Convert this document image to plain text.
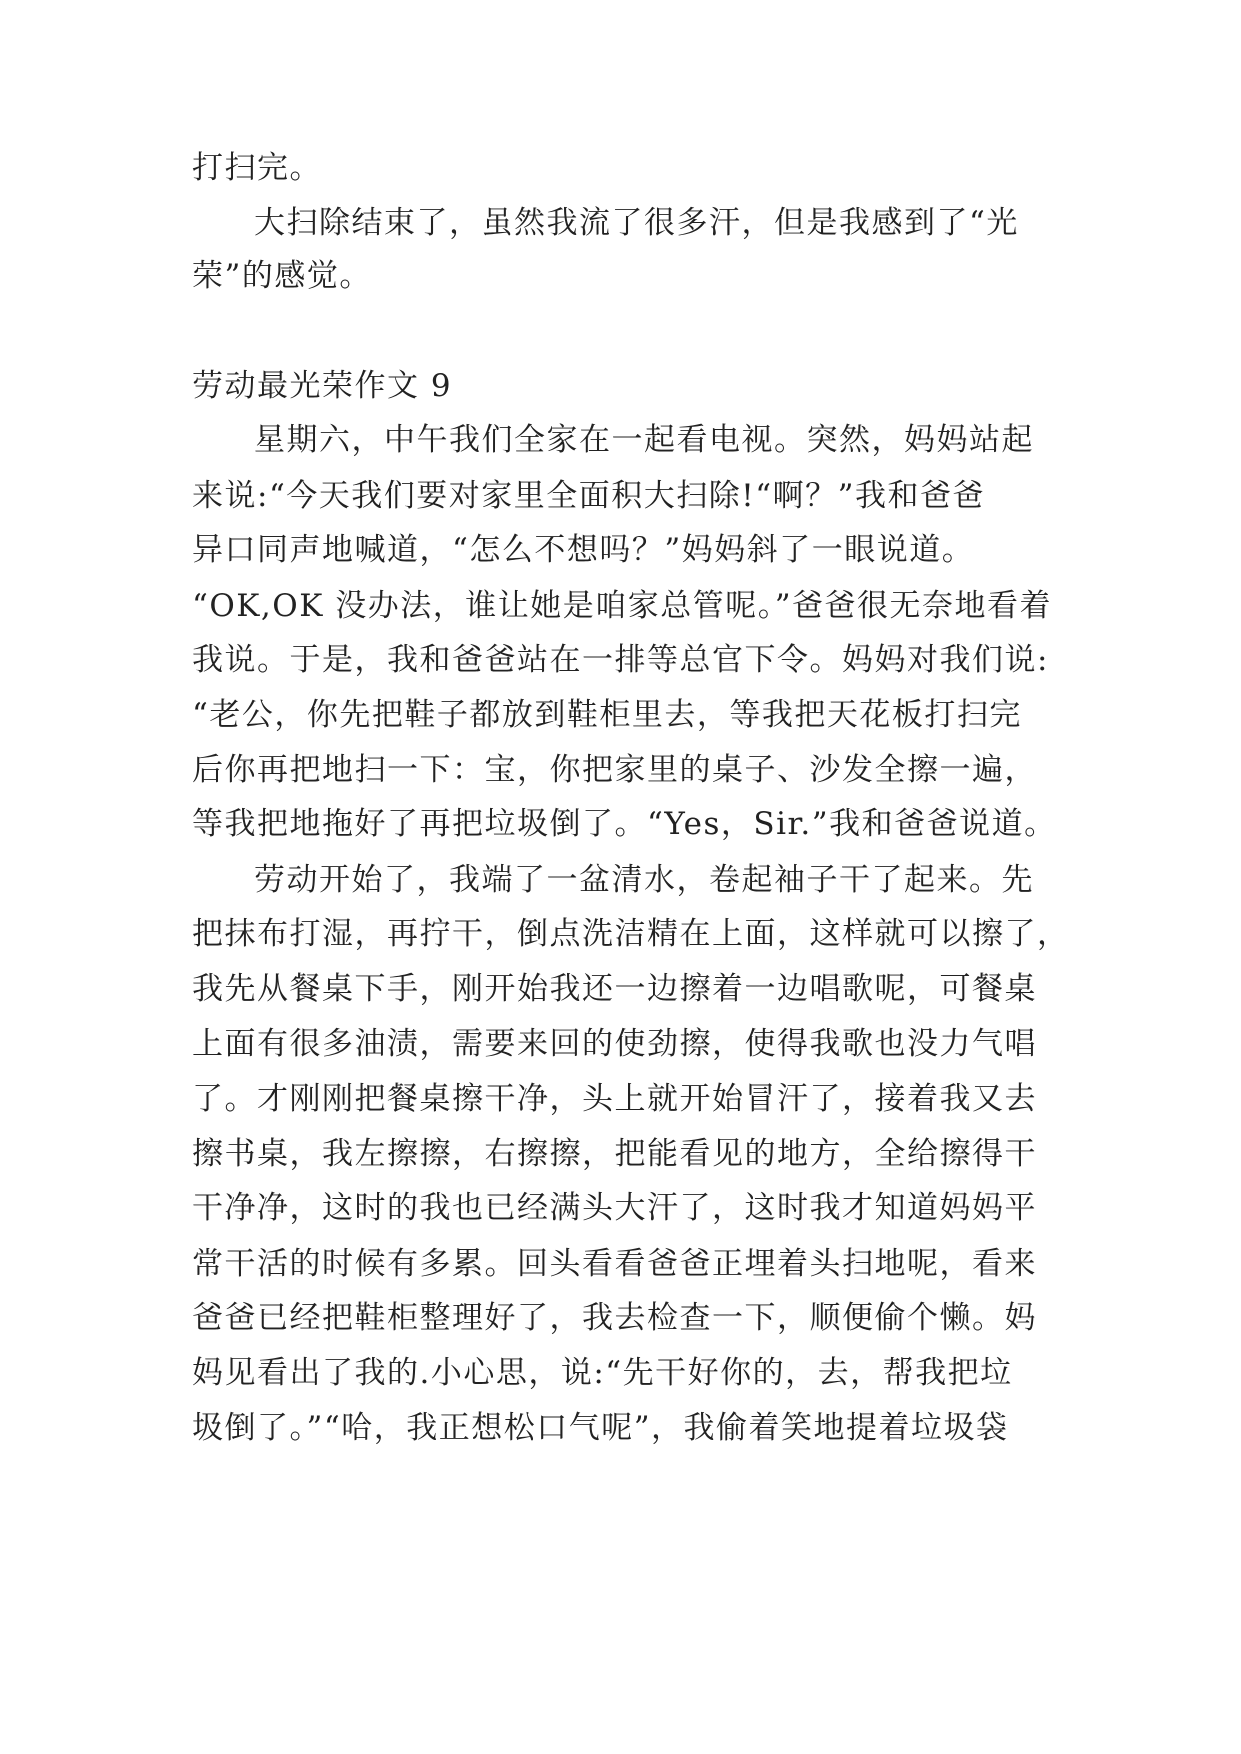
打扫完。
大扫除结束了，虽然我流了很多汗，但是我感到了“光
荣”的感觉。
劳动最光荣作文 9
星期六，中午我们全家在一起看电视。突然，妈妈站起
来说:“今天我们要对家里全面积大扫除!“啊？”我和爸爸
异口同声地喊道，“怎么不想吗？”妈妈斜了一眼说道。
“OK,OK 没办法，谁让她是咱家总管呢。”爸爸很无奈地看着
我说。于是，我和爸爸站在一排等总官下令。妈妈对我们说:
“老公，你先把鞋子都放到鞋柜里去，等我把天花板打扫完
后你再把地扫一下：宝，你把家里的桌子、沙发全擦一遍，
等我把地拖好了再把垃圾倒了。“Yes，Sir.”我和爸爸说道。
劳动开始了，我端了一盆清水，卷起袖子干了起来。先
把抹布打湿，再拧干，倒点洗洁精在上面，这样就可以擦了，
我先从餐桌下手，刚开始我还一边擦着一边唱歌呢，可餐桌
上面有很多油渍，需要来回的使劲擦，使得我歌也没力气唱
了。才刚刚把餐桌擦干净，头上就开始冒汗了，接着我又去
擦书桌，我左擦擦，右擦擦，把能看见的地方，全给擦得干
干净净，这时的我也已经满头大汗了，这时我才知道妈妈平
常干活的时候有多累。回头看看爸爸正埋着头扫地呢，看来
爸爸已经把鞋柜整理好了，我去检查一下，顺便偷个懒。妈
妈见看出了我的.小心思，说:“先干好你的，去，帮我把垃
圾倒了。”“哈，我正想松口气呢”，我偷着笑地提着垃圾袋
